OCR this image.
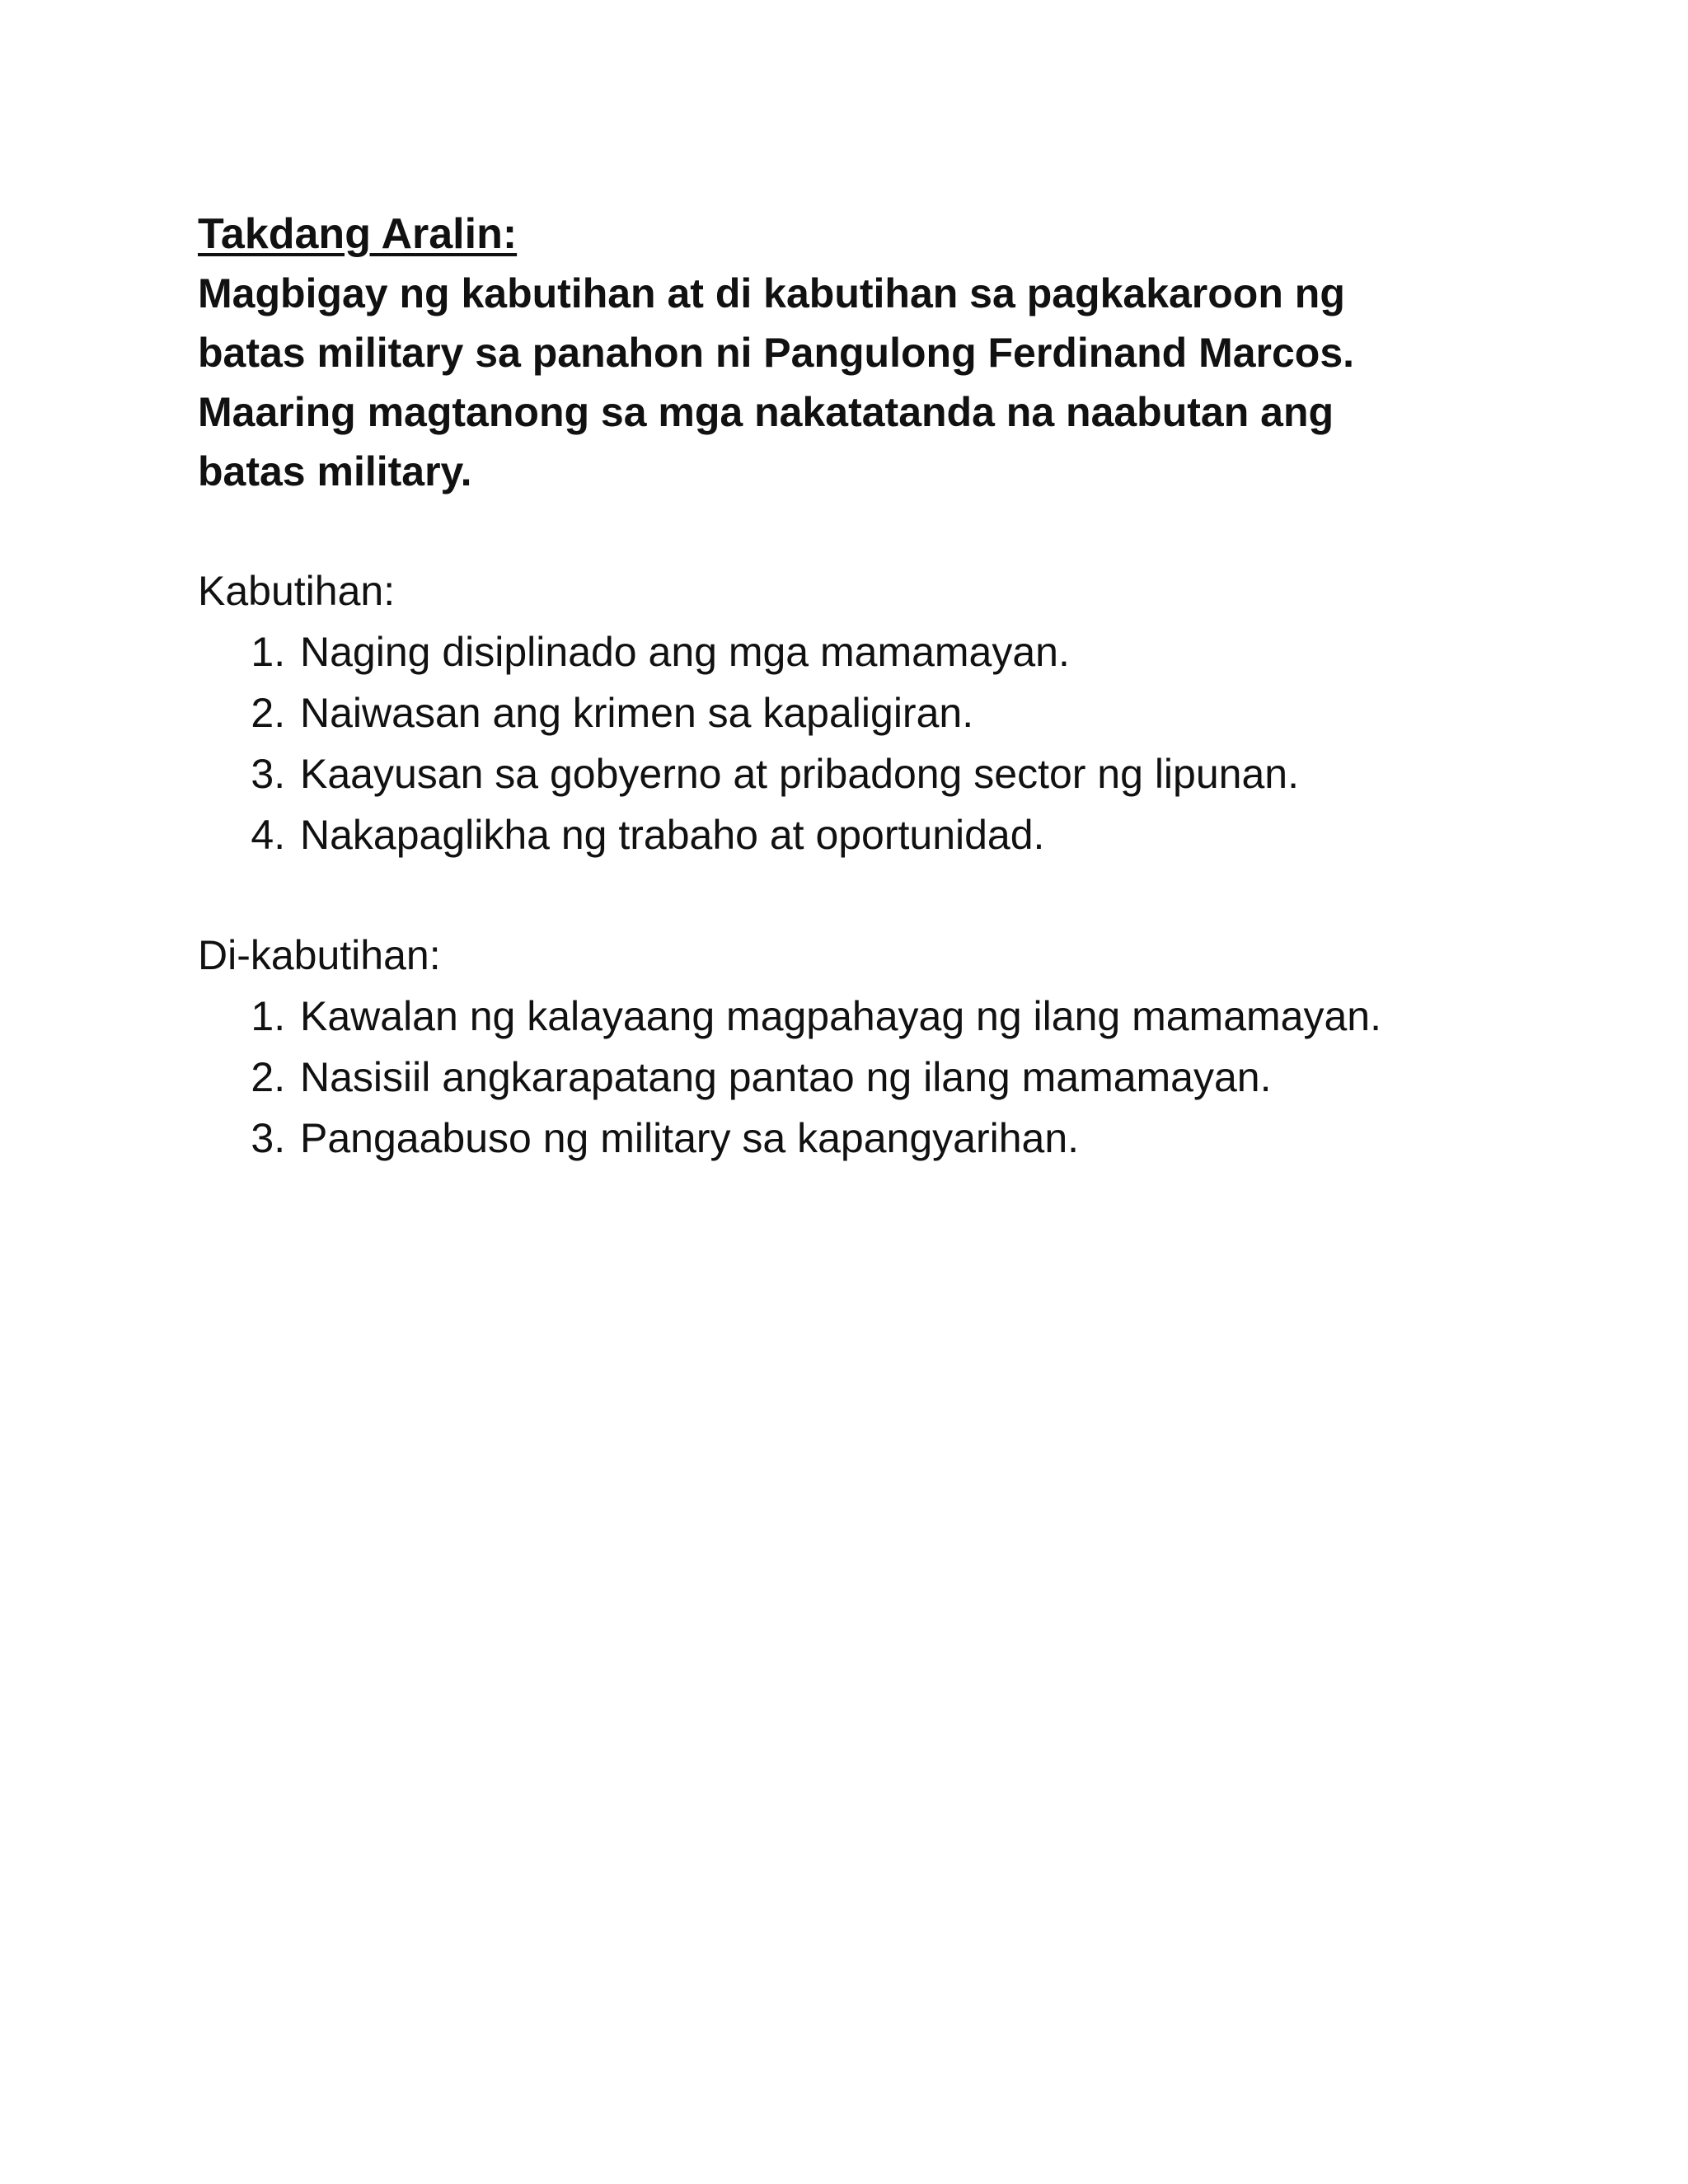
Takdang Aralin:

Magbigay ng kabutihan at di kabutihan sa pagkakaroon ng
batas military sa panahon ni Pangulong Ferdinand Marcos.
Maaring magtanong sa mga nakatatanda na naabutan ang
batas military.

Kabutihan:

1. Naging disiplinado ang mga mamamayan.
2. Naiwasan ang krimen sa kapaligiran.
3. Kaayusan sa gobyerno at pribadong sector ng lipunan.
4. Nakapaglikha ng trabaho at oportunidad.

Di-kabutihan:

1. Kawalan ng kalayaang magpahayag ng ilang mamamayan.
2. Nasisiil angkarapatang pantao ng ilang mamamayan.
3. Pangaabuso ng military sa kapangyarihan.
